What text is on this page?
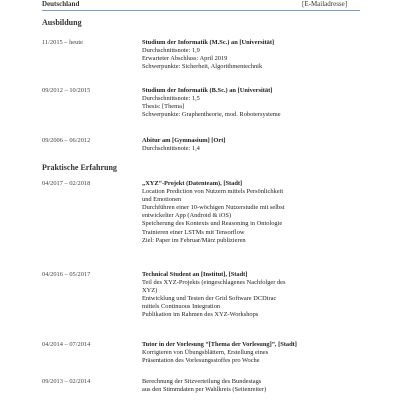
Deutschland	[E-Mailadresse]
Ausbildung
11/2015 – heute	Studium der Informatik (M.Sc.) an [Universität]
Durchschnittsnote: 1,9
Erwarteter Abschluss: April 2019
Schwerpunkte: Sicherheit, Algorithmentechnik
09/2012 – 10/2015	Studium der Informatik (B.Sc.) an [Universität]
Durchschnittsnote: 1,5
Thesis: [Thema]
Schwerpunkte: Graphentheorie, mod. Robotersysteme
09/2006 – 06/2012	Abitur am [Gymnasium] [Ort]
Durchschnittsnote: 1,4
Praktische Erfahrung
04/2017 – 02/2018	„XYZ“-Projekt (Datenteam), [Stadt]
Location Prediction von Nutzern mittels Persönlichkeit
und Emotionen
Durchführen einer 10-wöchigen Nutzerstudie mit selbst
entwickelter App (Android & iOS)
Speicherung des Kontexts und Reasoning in Ontologie
Trainieren einer LSTMs mit Tensorflow
Ziel: Paper im Februar/März publizieren
04/2016 – 05/2017	Technical Student an [Institut], [Stadt]
Teil des XYZ-Projekts (eingeschlagenes Nachfolger des
XYZ)
Entwicklung und Testen der Grid Software DCDirac
mittels Continuous Integration
Publikation im Rahmen des XYZ-Workshops
04/2014 – 07/2014	Tutor in der Vorlesung “[Thema der Vorlesung]”, [Stadt]
Korrigieren von Übungsblättern, Erstellung eines
Präsentation des Vorlesungsstoffes pro Woche
09/2013 – 02/2014	Berechnung der Sitzverteilung des Bundestags
aus den Stimmdaten per Wahlkreis (Seitenreiter)
